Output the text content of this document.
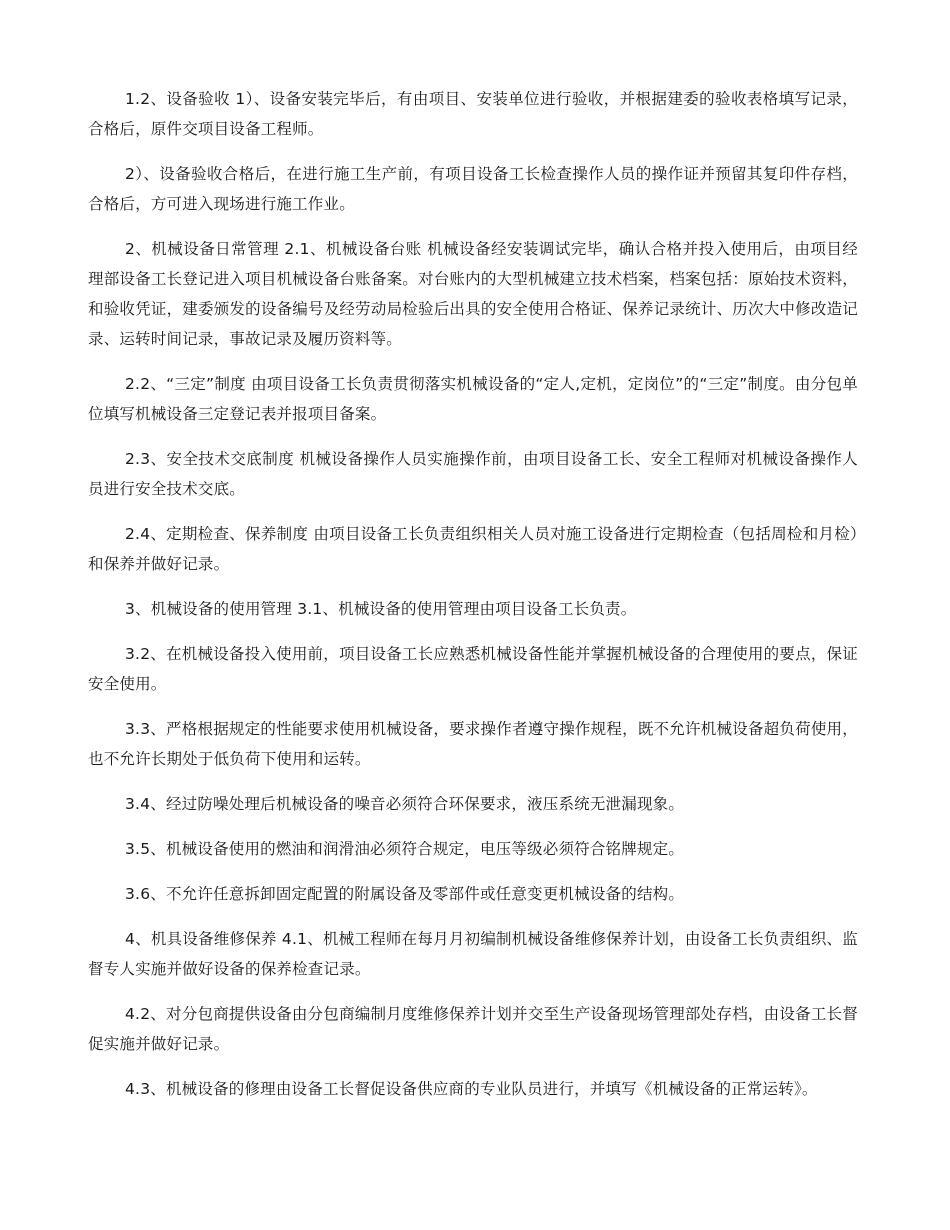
1.2、设备验收 1）、设备安装完毕后，有由项目、安装单位进行验收，并根据建委的验收表格填写记录，合格后，原件交项目设备工程师。

2）、设备验收合格后，在进行施工生产前，有项目设备工长检查操作人员的操作证并预留其复印件存档，合格后，方可进入现场进行施工作业。

2、机械设备日常管理 2.1、机械设备台账 机械设备经安装调试完毕，确认合格并投入使用后，由项目经理部设备工长登记进入项目机械设备台账备案。对台账内的大型机械建立技术档案，档案包括：原始技术资料，和验收凭证，建委颁发的设备编号及经劳动局检验后出具的安全使用合格证、保养记录统计、历次大中修改造记录、运转时间记录，事故记录及履历资料等。

2.2、“三定”制度 由项目设备工长负责贯彻落实机械设备的“定人,定机，定岗位”的“三定”制度。由分包单位填写机械设备三定登记表并报项目备案。

2.3、安全技术交底制度 机械设备操作人员实施操作前，由项目设备工长、安全工程师对机械设备操作人员进行安全技术交底。

2.4、定期检查、保养制度 由项目设备工长负责组织相关人员对施工设备进行定期检查（包括周检和月检）和保养并做好记录。

3、机械设备的使用管理 3.1、机械设备的使用管理由项目设备工长负责。

3.2、在机械设备投入使用前，项目设备工长应熟悉机械设备性能并掌握机械设备的合理使用的要点，保证安全使用。

3.3、严格根据规定的性能要求使用机械设备，要求操作者遵守操作规程，既不允许机械设备超负荷使用，也不允许长期处于低负荷下使用和运转。

3.4、经过防噪处理后机械设备的噪音必须符合环保要求，液压系统无泄漏现象。

3.5、机械设备使用的燃油和润滑油必须符合规定，电压等级必须符合铭牌规定。

3.6、不允许任意拆卸固定配置的附属设备及零部件或任意变更机械设备的结构。

4、机具设备维修保养 4.1、机械工程师在每月月初编制机械设备维修保养计划，由设备工长负责组织、监督专人实施并做好设备的保养检查记录。

4.2、对分包商提供设备由分包商编制月度维修保养计划并交至生产设备现场管理部处存档，由设备工长督促实施并做好记录。

4.3、机械设备的修理由设备工长督促设备供应商的专业队员进行，并填写《机械设备的正常运转》。
